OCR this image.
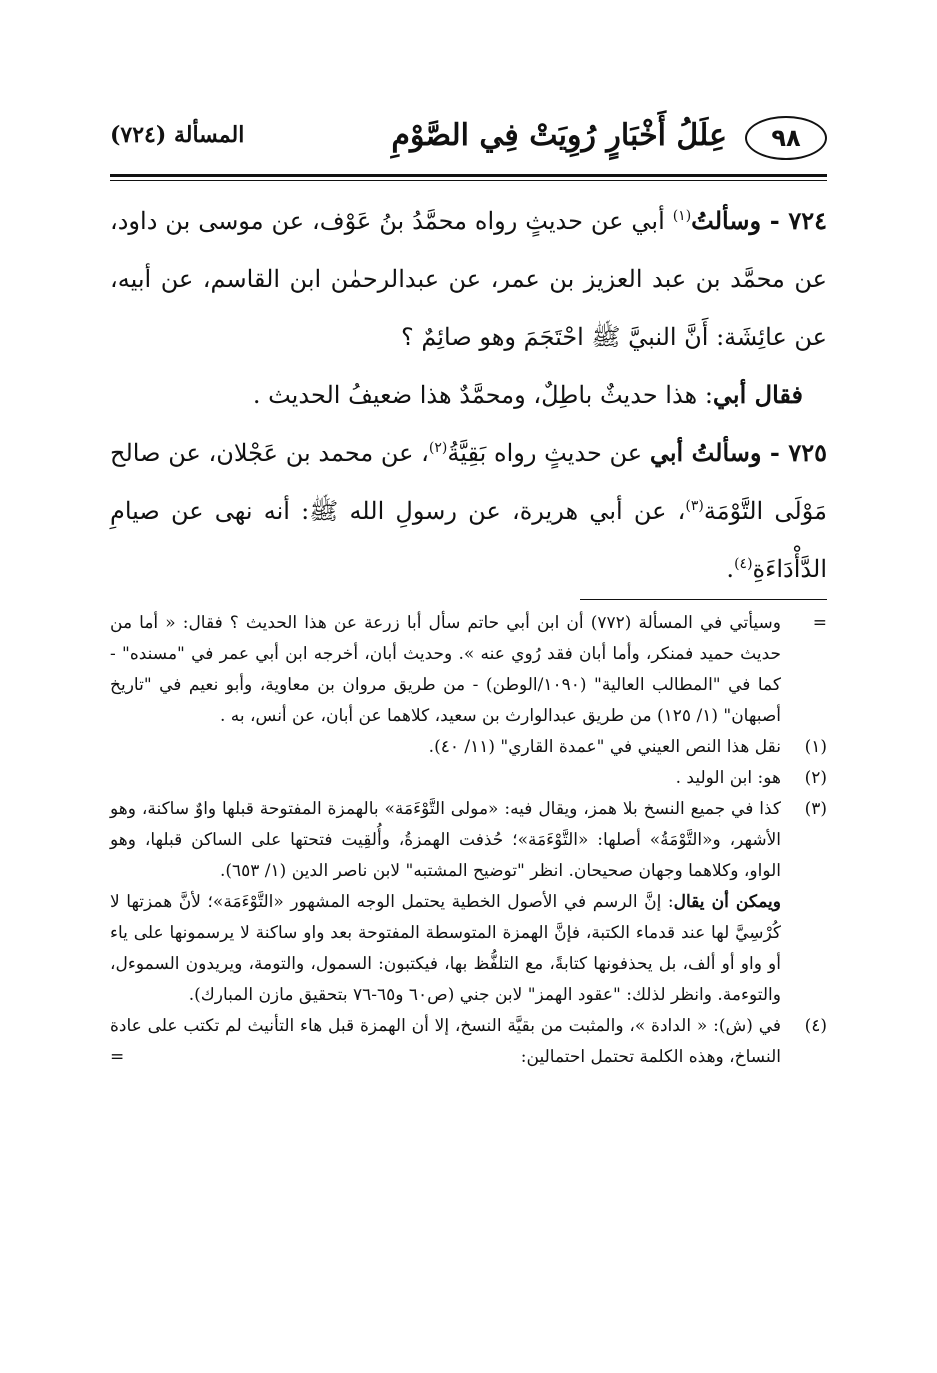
٩٨
عِلَلُ أَخْبَارٍ رُوِيَتْ فِي الصَّوْمِ
المسألة (٧٢٤)

٧٢٤ - وسألتُ$^{(١)}$ أبي عن حديثٍ رواه محمَّدُ بنُ عَوْف، عن موسى بن داود، عن محمَّد بن عبد العزيز بن عمر، عن عبدالرحمٰن ابن القاسم، عن أبيه، عن عائِشَة: أَنَّ النبيَّ ﷺ احْتَجَمَ وهو صائِمٌ ؟

فقال أبي: هذا حديثٌ باطِلٌ، ومحمَّدٌ هذا ضعيفُ الحديث .

٧٢٥ - وسألتُ أبي عن حديثٍ رواه بَقِيَّةُ$^{(٢)}$، عن محمد بن عَجْلان، عن صالح مَوْلَى التَّوْمَة$^{(٣)}$، عن أبي هريرة، عن رسولِ الله ﷺ: أنه نهى عن صيامِ الدَّأْدَاءَةِ$^{(٤)}$.

=
وسيأتي في المسألة (٧٧٢) أن ابن أبي حاتم سأل أبا زرعة عن هذا الحديث ؟ فقال: « أما من حديث حميد فمنكر، وأما أبان فقد رُوي عنه ». وحديث أبان، أخرجه ابن أبي عمر في "مسنده" - كما في "المطالب العالية" (١٠٩٠/الوطن) - من طريق مروان بن معاوية، وأبو نعيم في "تاريخ أصبهان" (١/ ١٢٥) من طريق عبدالوارث بن سعيد، كلاهما عن أبان، عن أنس، به .

(١)
نقل هذا النص العيني في "عمدة القاري" (١١/ ٤٠).

(٢)
هو: ابن الوليد .

(٣)
كذا في جميع النسخ بلا همز، ويقال فيه: «مولى التَّوْءَمَة» بالهمزة المفتوحة قبلها واوٌ ساكنة، وهو الأشهر، و«التَّوْمَةُ» أصلها: «التَّوْءَمَة»؛ حُذفت الهمزةُ، وأُلقِيت فتحتها على الساكن قبلها، وهو الواو، وكلاهما وجهان صحيحان. انظر "توضيح المشتبه" لابن ناصر الدين (١/ ٦٥٣).
ويمكن أن يقال: إنَّ الرسم في الأصول الخطية يحتمل الوجه المشهور «التَّوْءَمَة»؛ لأنَّ همزتها لا كُرْسِيَّ لها عند قدماء الكتبة، فإنَّ الهمزة المتوسطة المفتوحة بعد واو ساكنة لا يرسمونها على ياء أو واو أو ألف، بل يحذفونها كتابةً، مع التلفُّظ بها، فيكتبون: السمول، والتومة، ويريدون السموءل، والتوءمة. وانظر لذلك: "عقود الهمز" لابن جني (ص٦٠ و٦٥-٧٦ بتحقيق مازن المبارك).

(٤)
في (ش): « الدادة »، والمثبت من بقيَّة النسخ، إلا أن الهمزة قبل هاء التأنيث لم تكتب على عادة النساخ، وهذه الكلمة تحتمل احتمالين:
=
